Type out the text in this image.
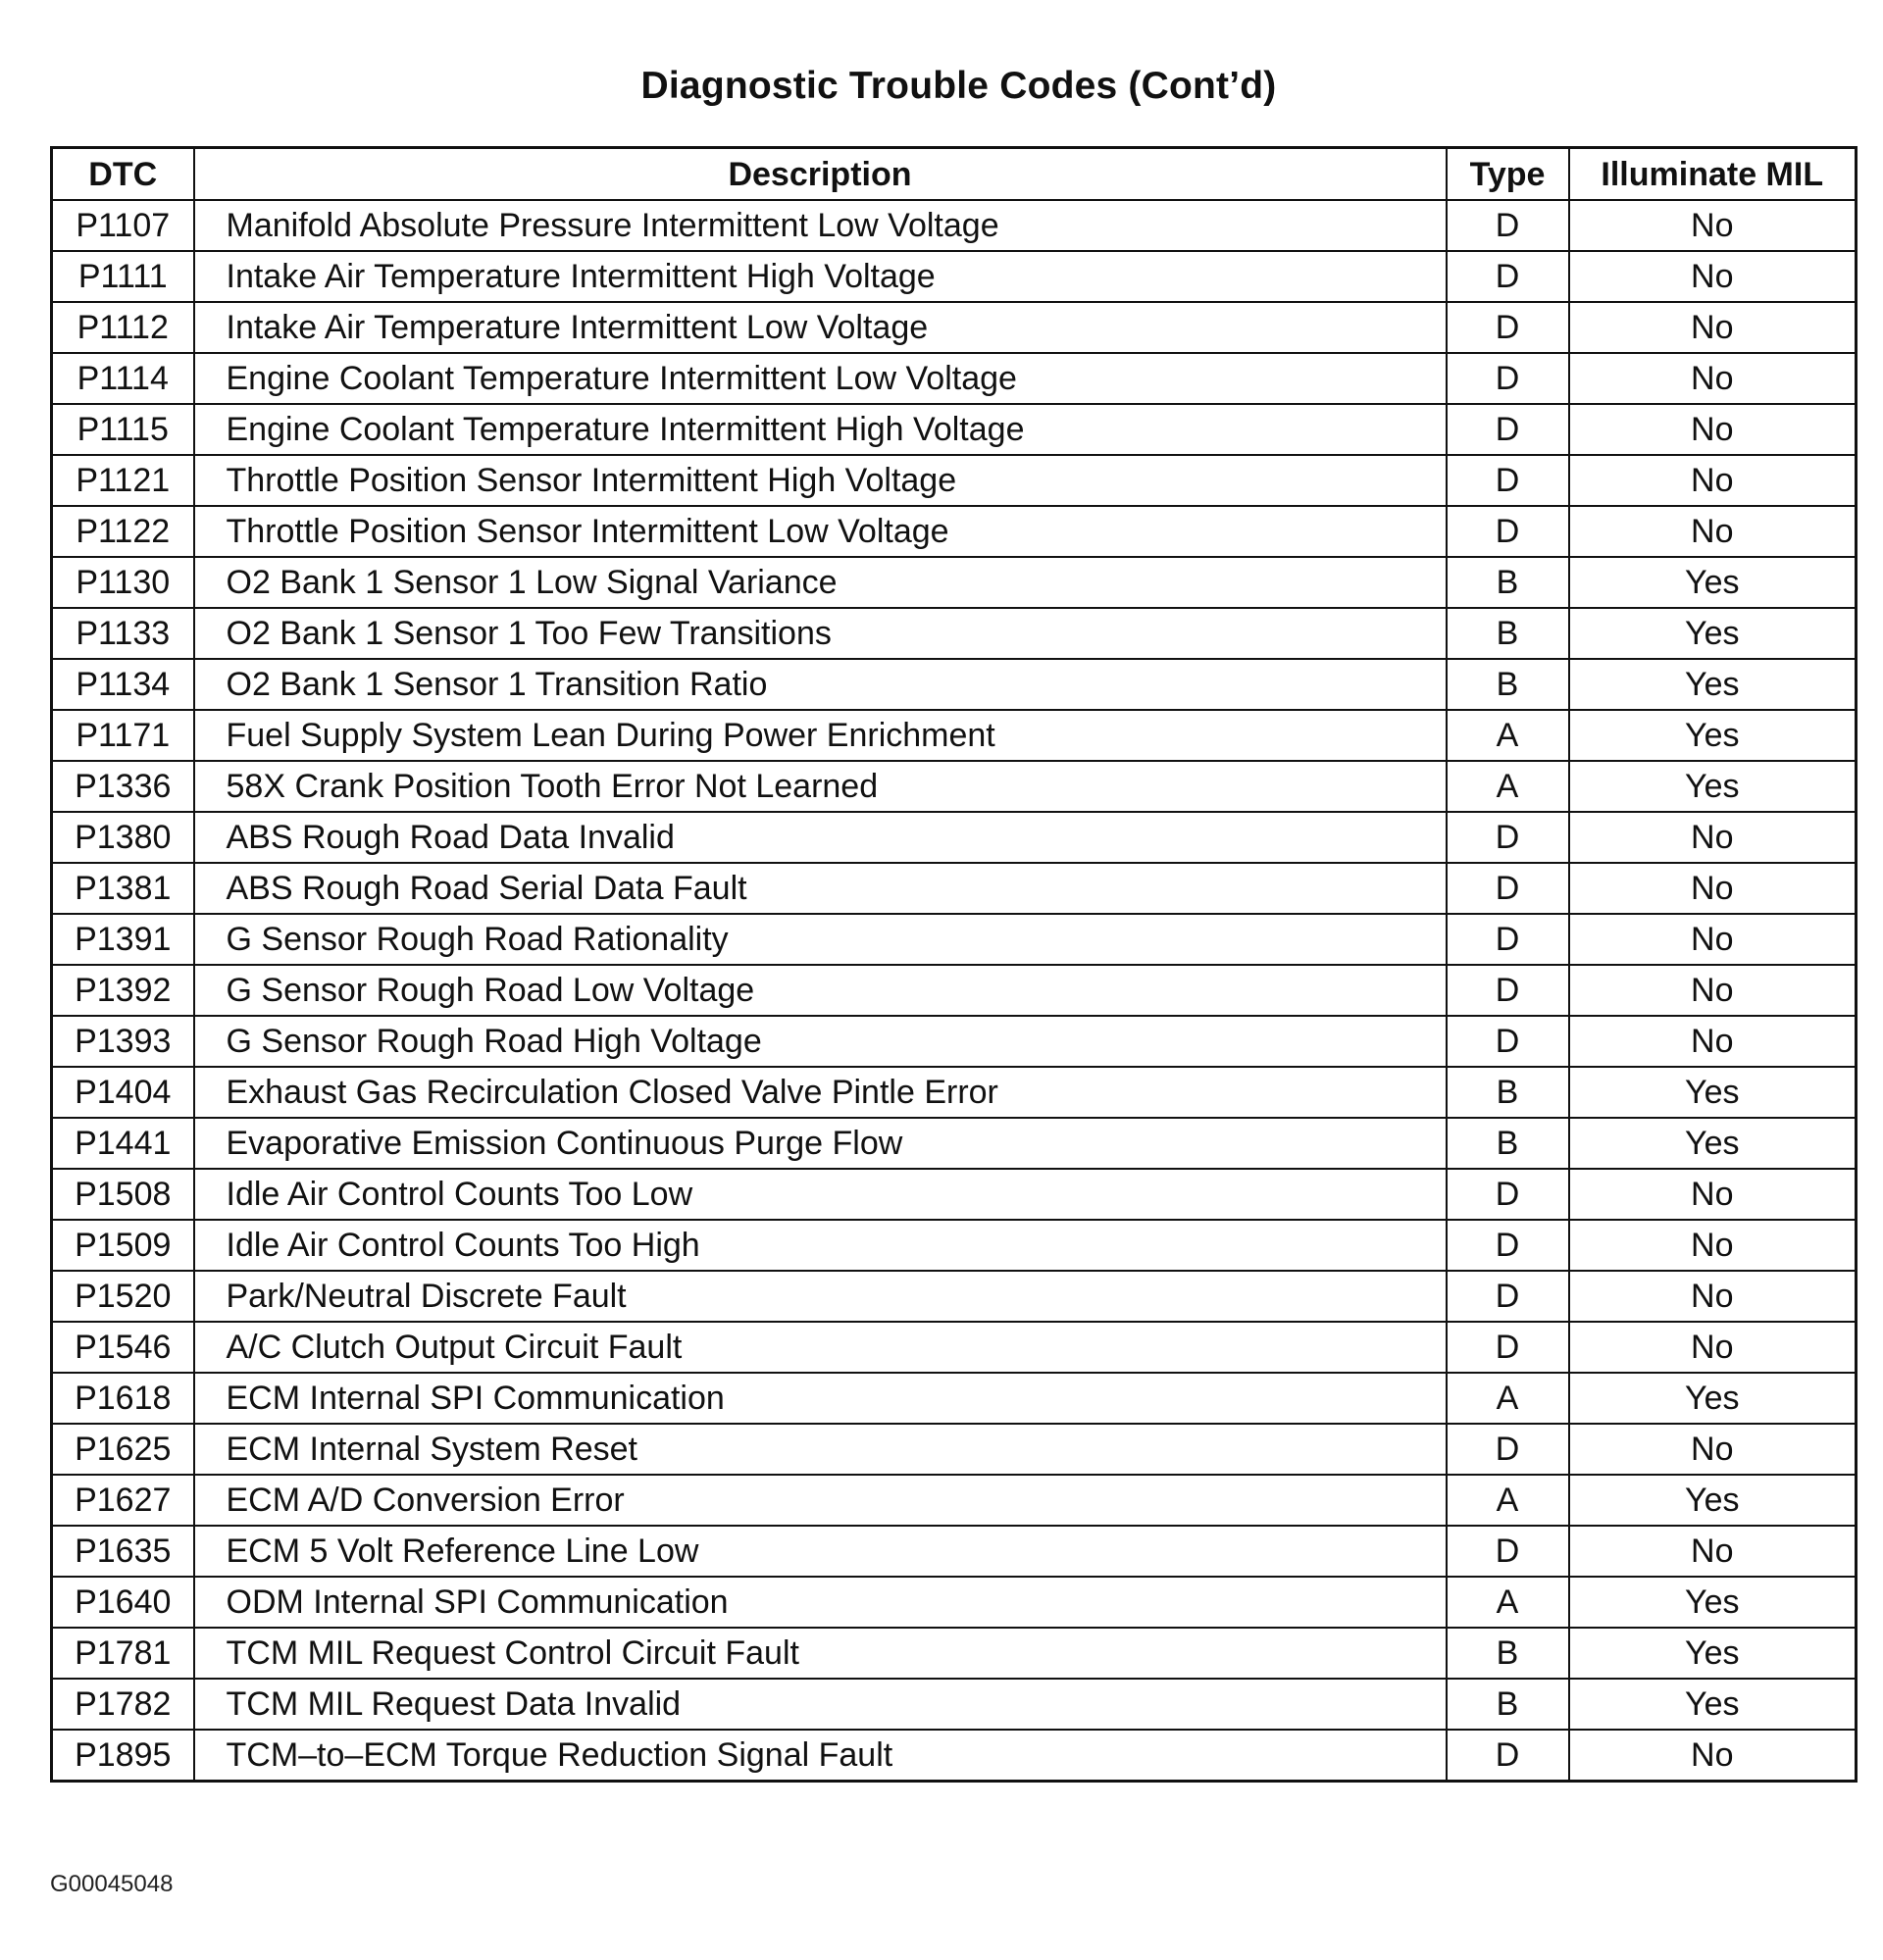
Diagnostic Trouble Codes (Cont’d)
DTC	Description	Type	Illuminate MIL
P1107	Manifold Absolute Pressure Intermittent Low Voltage	D	No
P1111	Intake Air Temperature Intermittent High Voltage	D	No
P1112	Intake Air Temperature Intermittent Low Voltage	D	No
P1114	Engine Coolant Temperature Intermittent Low Voltage	D	No
P1115	Engine Coolant Temperature Intermittent High Voltage	D	No
P1121	Throttle Position Sensor Intermittent High Voltage	D	No
P1122	Throttle Position Sensor Intermittent Low Voltage	D	No
P1130	O2 Bank 1 Sensor 1 Low Signal Variance	B	Yes
P1133	O2 Bank 1 Sensor 1 Too Few Transitions	B	Yes
P1134	O2 Bank 1 Sensor 1 Transition Ratio	B	Yes
P1171	Fuel Supply System Lean During Power Enrichment	A	Yes
P1336	58X Crank Position Tooth Error Not Learned	A	Yes
P1380	ABS Rough Road Data Invalid	D	No
P1381	ABS Rough Road Serial Data Fault	D	No
P1391	G Sensor Rough Road Rationality	D	No
P1392	G Sensor Rough Road Low Voltage	D	No
P1393	G Sensor Rough Road High Voltage	D	No
P1404	Exhaust Gas Recirculation Closed Valve Pintle Error	B	Yes
P1441	Evaporative Emission Continuous Purge Flow	B	Yes
P1508	Idle Air Control Counts Too Low	D	No
P1509	Idle Air Control Counts Too High	D	No
P1520	Park/Neutral Discrete Fault	D	No
P1546	A/C Clutch Output Circuit Fault	D	No
P1618	ECM Internal SPI Communication	A	Yes
P1625	ECM Internal System Reset	D	No
P1627	ECM A/D Conversion Error	A	Yes
P1635	ECM 5 Volt Reference Line Low	D	No
P1640	ODM Internal SPI Communication	A	Yes
P1781	TCM MIL Request Control Circuit Fault	B	Yes
P1782	TCM MIL Request Data Invalid	B	Yes
P1895	TCM–to–ECM Torque Reduction Signal Fault	D	No
G00045048
